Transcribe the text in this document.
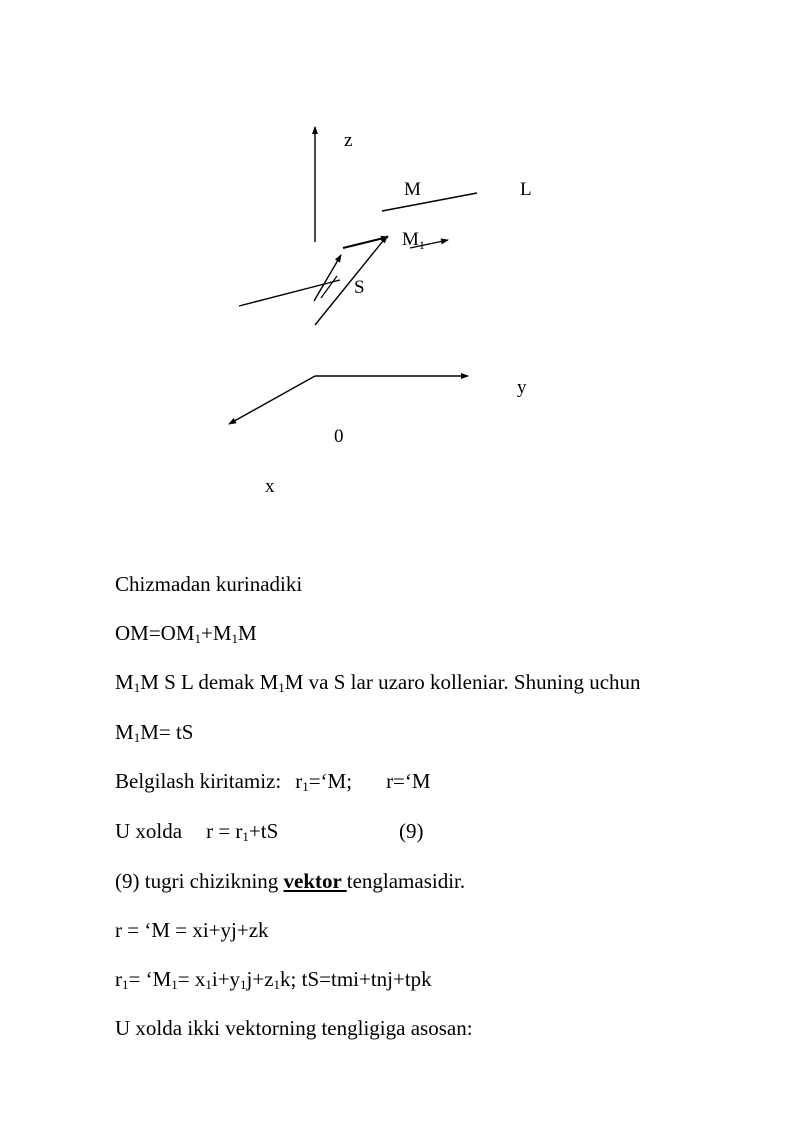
z
M	L
$M_1$
S
y
0
x
Chizmadan kurinadiki
$OM=OM_1+M_1M$
$M_1M$ S L demak $M_1M$ va S lar uzaro kolleniar. Shuning uchun
$M_1M=$ tS
Belgilash kiritamiz: $r_1=‘M$; r=‘M
U xolda $r = r_1+tS$	(9)
(9) tugri chizikning vektor tenglamasidir.
r = ‘M = xi+yj+zk
$r_1=$ ‘$M_1= x_1i+y_1j+z_1k$; tS=tmi+tnj+tpk
U xolda ikki vektorning tengligiga asosan:
